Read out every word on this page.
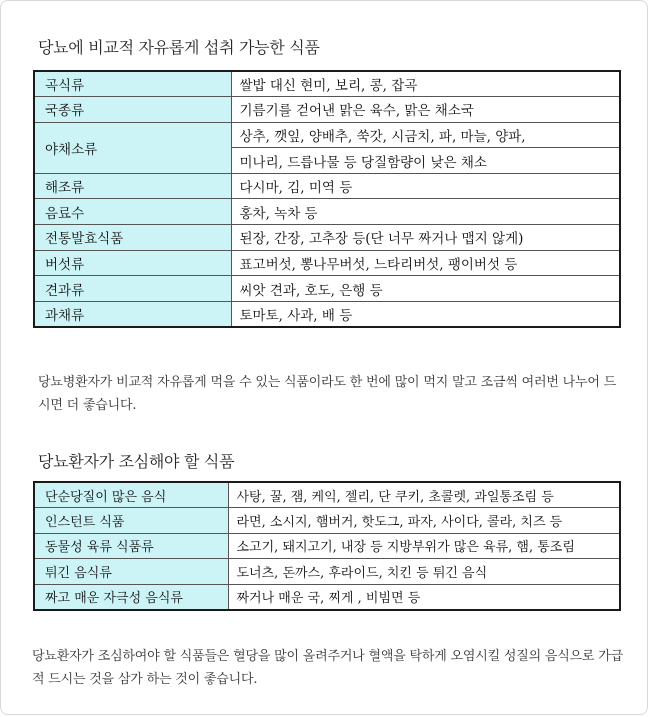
당뇨에 비교적 자유롭게 섭취 가능한 식품
곡식류	쌀밥 대신 현미, 보리, 콩, 잡곡
국종류	기름기를 걷어낸 맑은 육수, 맑은 채소국
야채소류	상추, 깻잎, 양배추, 쑥갓, 시금치, 파, 마늘, 양파,
	미나리, 드릅나물 등 당질함량이 낮은 채소
해조류	다시마, 김, 미역 등
음료수	홍차, 녹차 등
전통발효식품	된장, 간장, 고추장 등(단 너무 짜거나 맵지 않게)
버섯류	표고버섯, 뽕나무버섯, 느타리버섯, 팽이버섯 등
견과류	씨앗 견과, 호도, 은행 등
과채류	토마토, 사과, 배 등
당뇨병환자가 비교적 자유롭게 먹을 수 있는 식품이라도 한 번에 많이 먹지 말고 조금씩 여러번 나누어 드시면 더 좋습니다.
당뇨환자가 조심해야 할 식품
단순당질이 많은 음식	사탕, 꿀, 잼, 케익, 젤리, 단 쿠키, 초콜렛, 과일통조림 등
인스턴트 식품	라면, 소시지, 햄버거, 핫도그, 파자, 사이다, 콜라, 치즈 등
동물성 육류 식품류	소고기, 돼지고기, 내장 등 지방부위가 많은 육류, 햄, 통조림
튀긴 음식류	도너츠, 돈까스, 후라이드, 치킨 등 튀긴 음식
짜고 매운 자극성 음식류	짜거나 매운 국, 찌게 , 비빔면 등
당뇨환자가 조심하여야 할 식품들은 혈당을 많이 올려주거나 혈액을 탁하게 오염시킬 성질의 음식으로 가급적 드시는 것을 삼가 하는 것이 좋습니다.
